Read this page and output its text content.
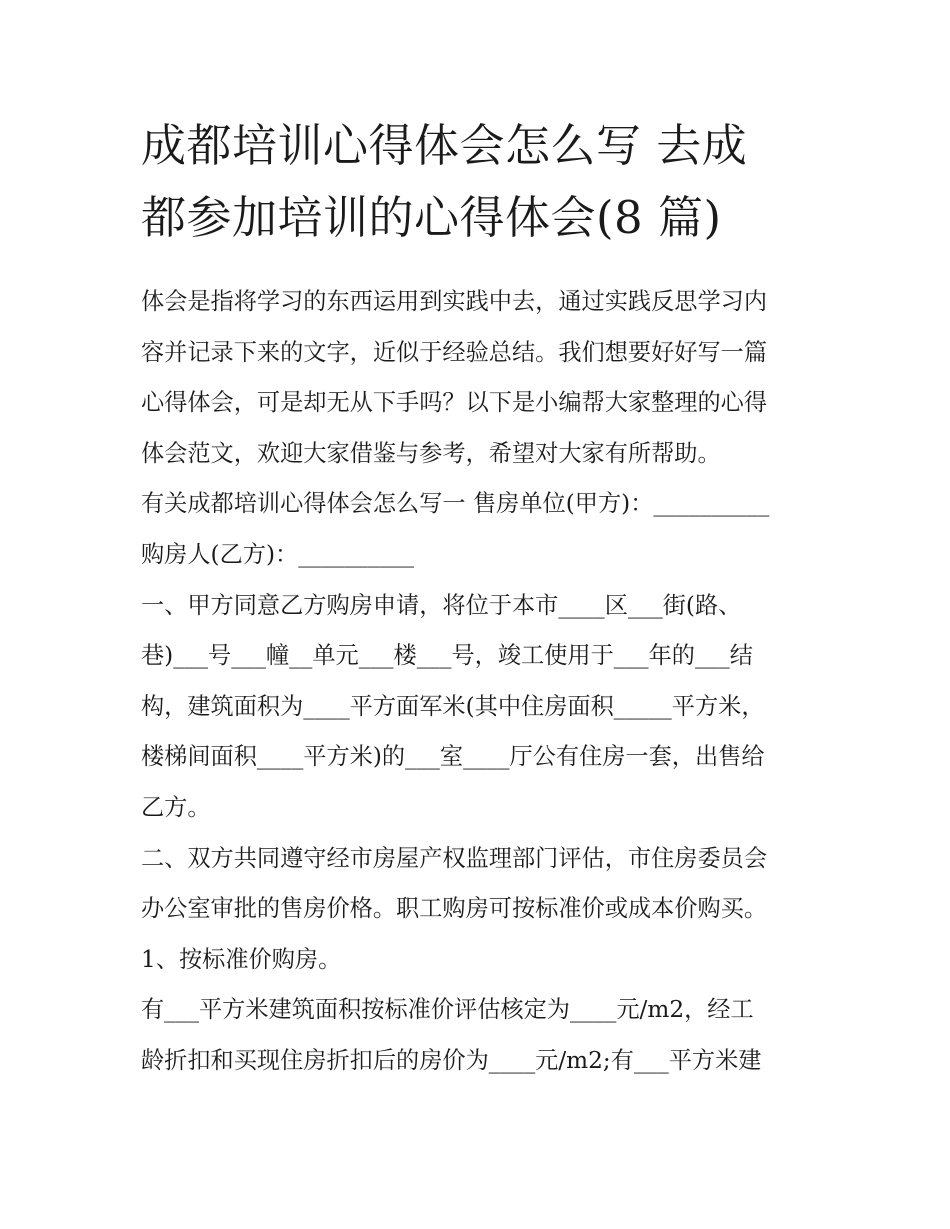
成都培训心得体会怎么写 去成
都参加培训的心得体会(8 篇)

体会是指将学习的东西运用到实践中去，通过实践反思学习内
容并记录下来的文字，近似于经验总结。我们想要好好写一篇
心得体会，可是却无从下手吗？以下是小编帮大家整理的心得
体会范文，欢迎大家借鉴与参考，希望对大家有所帮助。

有关成都培训心得体会怎么写一 售房单位(甲方)：__________

购房人(乙方)：__________

一、甲方同意乙方购房申请，将位于本市____区___街(路、
巷)___号___幢__单元___楼___号，竣工使用于___年的___结
构，建筑面积为____平方面军米(其中住房面积_____平方米，
楼梯间面积____平方米)的___室____厅公有住房一套，出售给
乙方。

二、双方共同遵守经市房屋产权监理部门评估，市住房委员会
办公室审批的售房价格。职工购房可按标准价或成本价购买。

1、按标准价购房。

有___平方米建筑面积按标准价评估核定为____元/m2，经工
龄折扣和买现住房折扣后的房价为____元/m2;有___平方米建
